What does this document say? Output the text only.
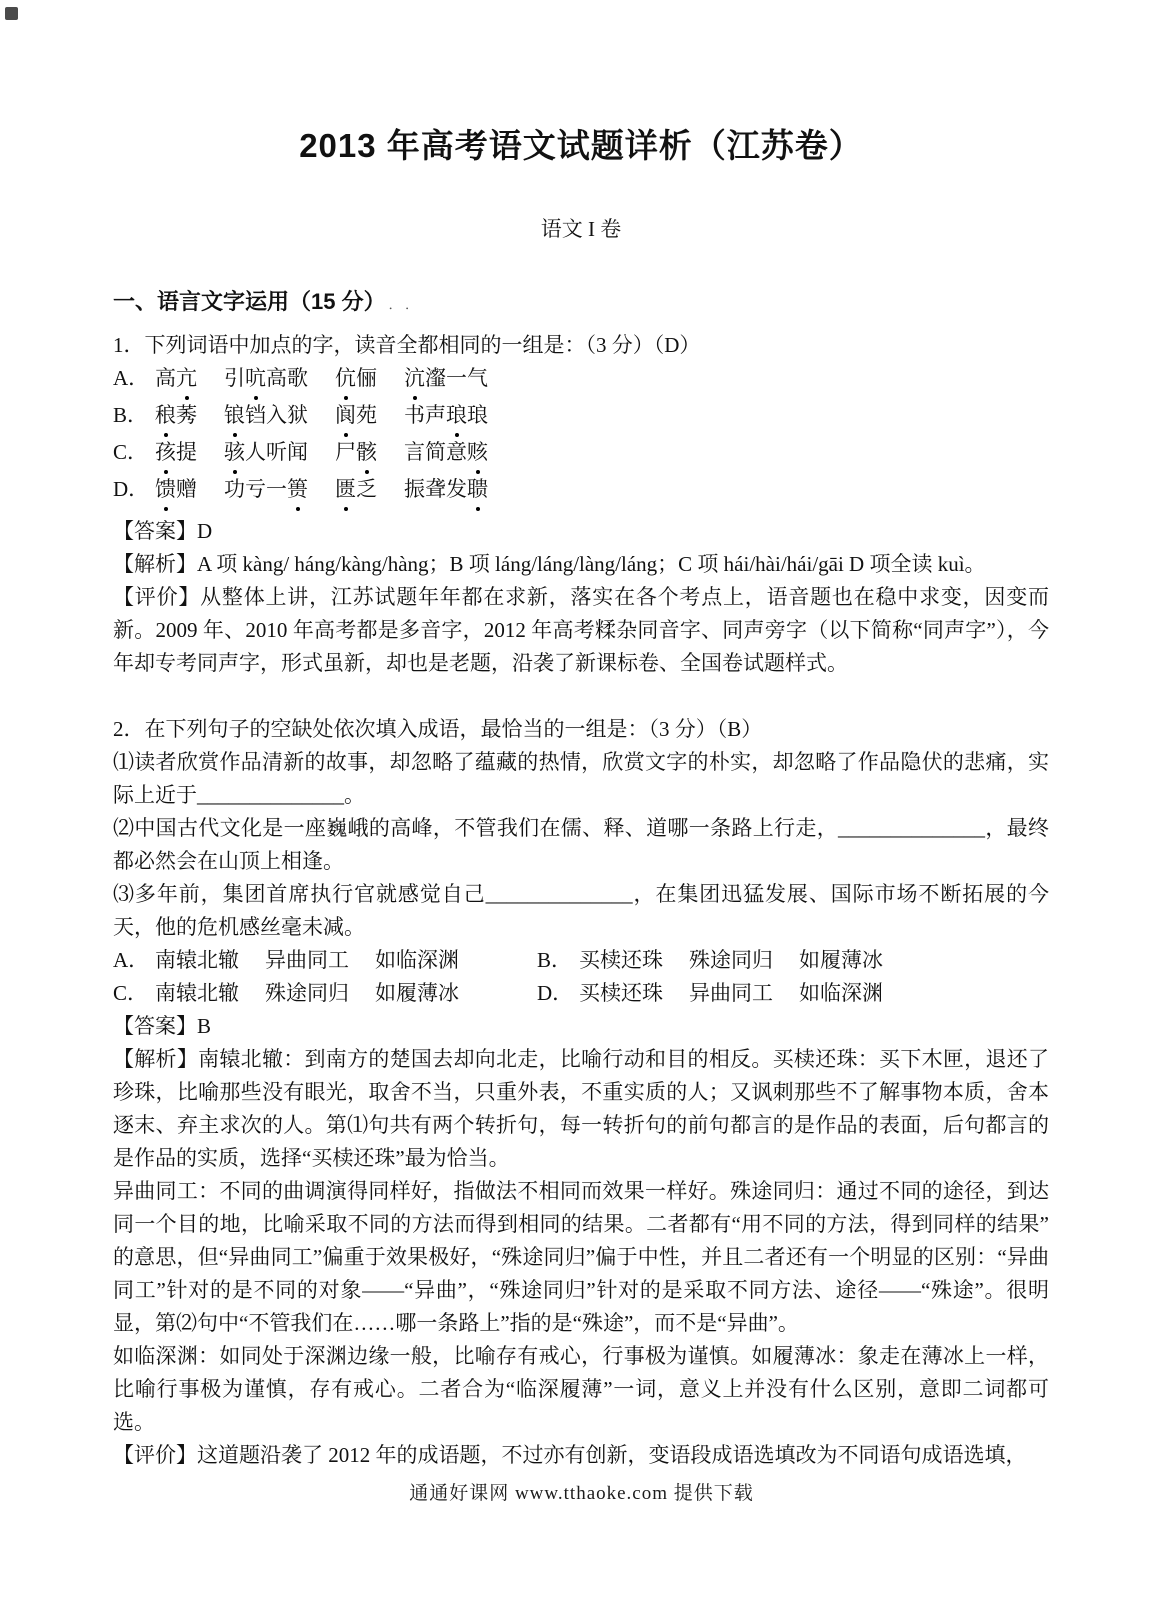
2013 年高考语文试题详析（江苏卷）
语文 I 卷
一、语言文字运用（15 分） ．．

1．下列词语中加点的字，读音全都相同的一组是：（3 分）（D）

A． 高亢 引吭高歌 伉俪 沆瀣一气
B． 稂莠 锒铛入狱 阆苑 书声琅琅
C． 孩提 骇人听闻 尸骸 言简意赅
D． 馈赠 功亏一篑 匮乏 振聋发聩

【答案】D

【解析】A 项 kàng/ háng/kàng/hàng；B 项 láng/láng/làng/láng；C 项 hái/hài/hái/gāi D 项全读 kuì。

【评价】从整体上讲，江苏试题年年都在求新，落实在各个考点上，语音题也在稳中求变，因变而新。2009 年、2010 年高考都是多音字，2012 年高考糅杂同音字、同声旁字（以下简称“同声字”），今年却专考同声字，形式虽新，却也是老题，沿袭了新课标卷、全国卷试题样式。

2．在下列句子的空缺处依次填入成语，最恰当的一组是：（3 分）（B）

⑴读者欣赏作品清新的故事，却忽略了蕴藏的热情，欣赏文字的朴实，却忽略了作品隐伏的悲痛，实际上近于______________。

⑵中国古代文化是一座巍峨的高峰，不管我们在儒、释、道哪一条路上行走，______________，最终都必然会在山顶上相逢。

⑶多年前，集团首席执行官就感觉自己______________，在集团迅猛发展、国际市场不断拓展的今天，他的危机感丝毫未减。

A． 南辕北辙 异曲同工 如临深渊	B． 买椟还珠 殊途同归 如履薄冰
C． 南辕北辙 殊途同归 如履薄冰	D． 买椟还珠 异曲同工 如临深渊

【答案】B

【解析】南辕北辙：到南方的楚国去却向北走，比喻行动和目的相反。买椟还珠：买下木匣，退还了珍珠，比喻那些没有眼光，取舍不当，只重外表，不重实质的人；又讽刺那些不了解事物本质，舍本逐末、弃主求次的人。第⑴句共有两个转折句，每一转折句的前句都言的是作品的表面，后句都言的是作品的实质，选择“买椟还珠”最为恰当。

异曲同工：不同的曲调演得同样好，指做法不相同而效果一样好。殊途同归：通过不同的途径，到达同一个目的地，比喻采取不同的方法而得到相同的结果。二者都有“用不同的方法，得到同样的结果”的意思，但“异曲同工”偏重于效果极好，“殊途同归”偏于中性，并且二者还有一个明显的区别：“异曲同工”针对的是不同的对象——“异曲”，“殊途同归”针对的是采取不同方法、途径——“殊途”。很明显，第⑵句中“不管我们在……哪一条路上”指的是“殊途”，而不是“异曲”。

如临深渊：如同处于深渊边缘一般，比喻存有戒心，行事极为谨慎。如履薄冰：象走在薄冰上一样，比喻行事极为谨慎，存有戒心。二者合为“临深履薄”一词，意义上并没有什么区别，意即二词都可选。

【评价】这道题沿袭了 2012 年的成语题，不过亦有创新，变语段成语选填改为不同语句成语选填，

通通好课网 www.tthaoke.com 提供下载
